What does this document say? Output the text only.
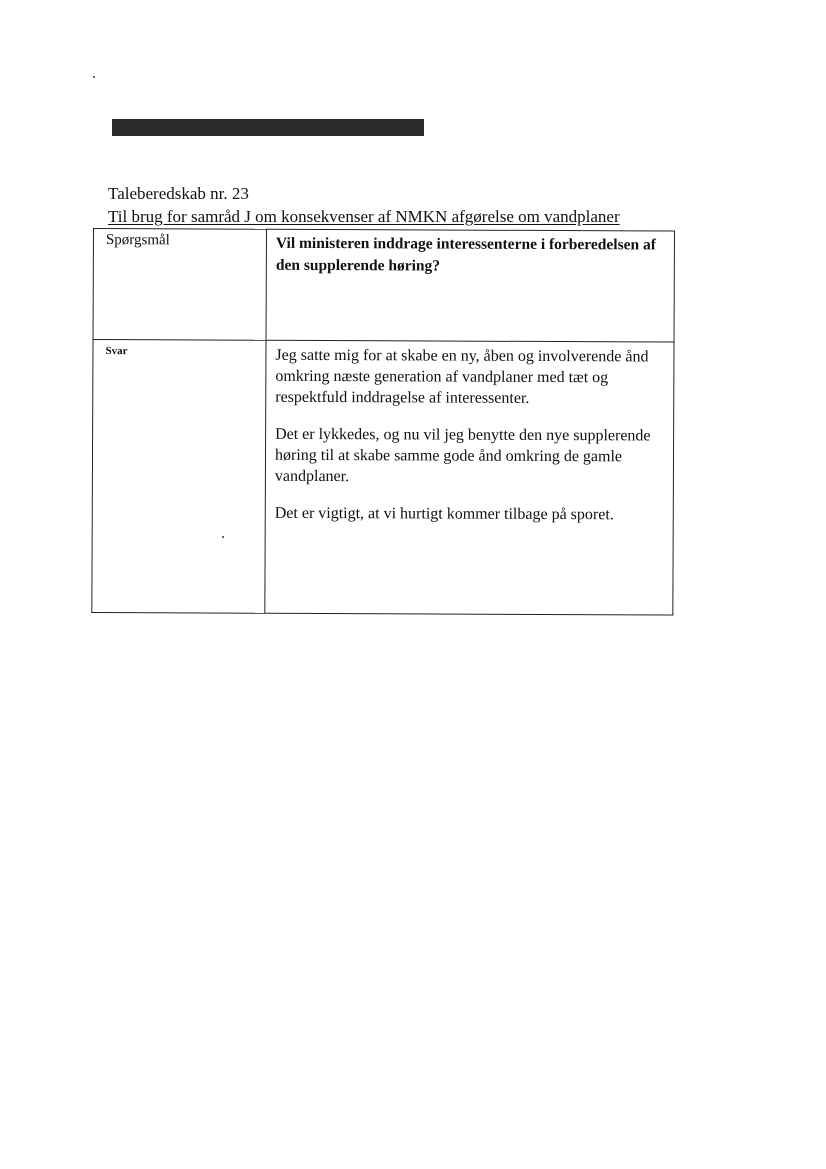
Taleberedskab nr. 23
Til brug for samråd J om konsekvenser af NMKN afgørelse om vandplaner
Spørgsmål	Vil ministeren inddrage interessenterne i forberedelsen af den supplerende høring?

Svar	Jeg satte mig for at skabe en ny, åben og involverende ånd omkring næste generation af vandplaner med tæt og respektfuld inddragelse af interessenter.

Det er lykkedes, og nu vil jeg benytte den nye supplerende høring til at skabe samme gode ånd omkring de gamle vandplaner.

Det er vigtigt, at vi hurtigt kommer tilbage på sporet.
